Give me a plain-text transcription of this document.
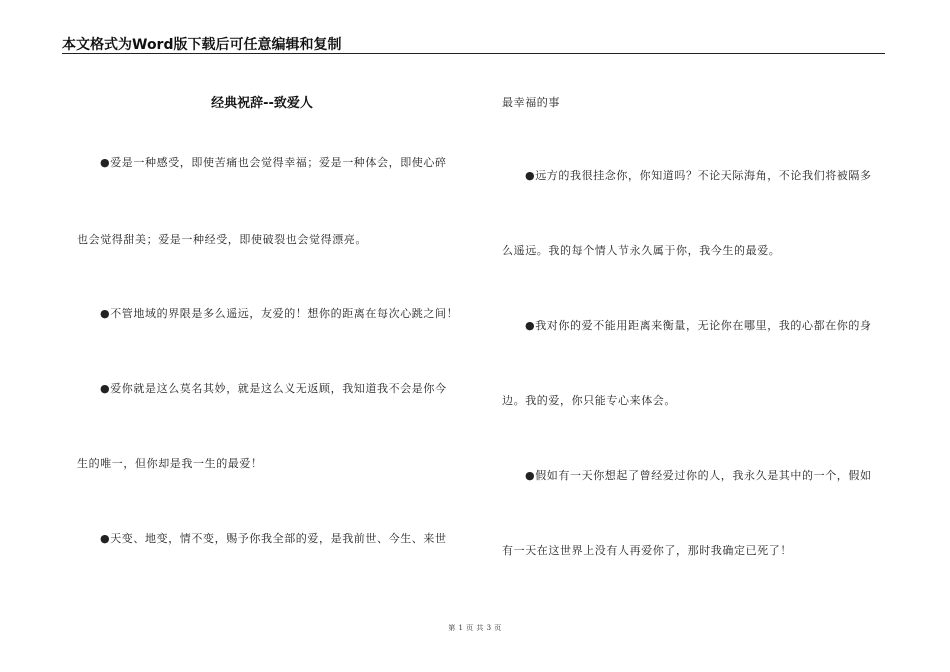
本文格式为Word版下载后可任意编辑和复制
经典祝辞--致爱人
●爱是一种感受，即使苦痛也会觉得幸福；爱是一种体会，即使心碎
也会觉得甜美；爱是一种经受，即使破裂也会觉得漂亮。
●不管地域的界限是多么遥远，友爱的！想你的距离在每次心跳之间！
●爱你就是这么莫名其妙，就是这么义无返顾，我知道我不会是你今
生的唯一，但你却是我一生的最爱！
●天变、地变，情不变，赐予你我全部的爱，是我前世、今生、来世
最幸福的事
●远方的我很挂念你，你知道吗？不论天际海角，不论我们将被隔多
么遥远。我的每个情人节永久属于你，我今生的最爱。
●我对你的爱不能用距离来衡量，无论你在哪里，我的心都在你的身
边。我的爱，你只能专心来体会。
●假如有一天你想起了曾经爱过你的人，我永久是其中的一个，假如
有一天在这世界上没有人再爱你了，那时我确定已死了！
第 1 页 共 3 页
